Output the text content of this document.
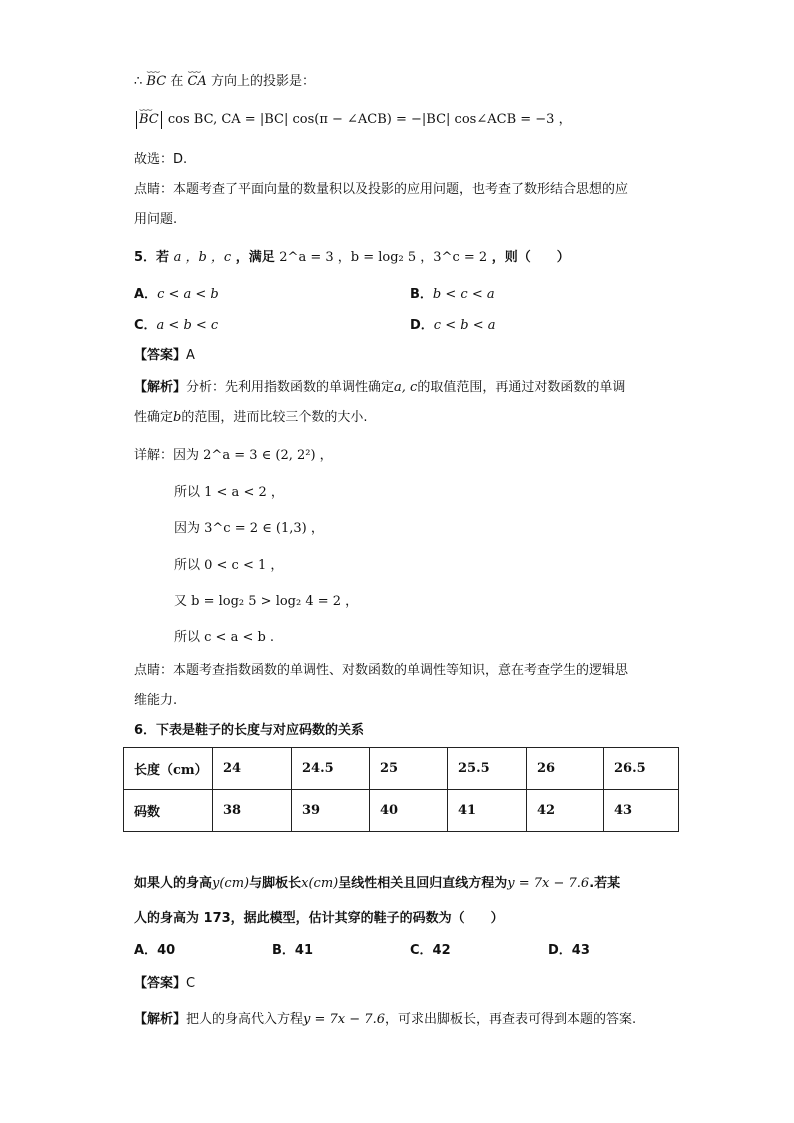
∴ ⌣⌣⌣ BC 在 ⌣⌣⌣ CA 方向上的投影是：
⌣⌣⌣ BC cos BC, CA = |BC| cos(π − ∠ACB) = −|BC| cos∠ACB = −3 ，
故选：D.
点睛：本题考查了平面向量的数量积以及投影的应用问题，也考查了数形结合思想的应
用问题.
5．若 a ，b ，c ，满足 2^a = 3 ，b = log₂ 5 ，3^c = 2 ，则（　　）
A．c < a < b	B．b < c < a
C．a < b < c	D．c < b < a
【答案】A
【解析】分析：先利用指数函数的单调性确定a, c的取值范围，再通过对数函数的单调
性确定b的范围，进而比较三个数的大小.
详解：因为 2^a = 3 ∈ (2, 2²) ，
所以 1 < a < 2 ，
因为 3^c = 2 ∈ (1,3) ，
所以 0 < c < 1 ，
又 b = log₂ 5 > log₂ 4 = 2 ，
所以 c < a < b .
点睛：本题考查指数函数的单调性、对数函数的单调性等知识，意在考查学生的逻辑思
维能力.
6．下表是鞋子的长度与对应码数的关系
长度（cm）	24	24.5	25	25.5	26	26.5
码数	38	39	40	41	42	43
如果人的身高y(cm)与脚板长x(cm)呈线性相关且回归直线方程为y = 7x − 7.6.若某
人的身高为 173，据此模型，估计其穿的鞋子的码数为（　　）
A．40	B．41	C．42	D．43
【答案】C
【解析】把人的身高代入方程y = 7x − 7.6，可求出脚板长，再查表可得到本题的答案.
